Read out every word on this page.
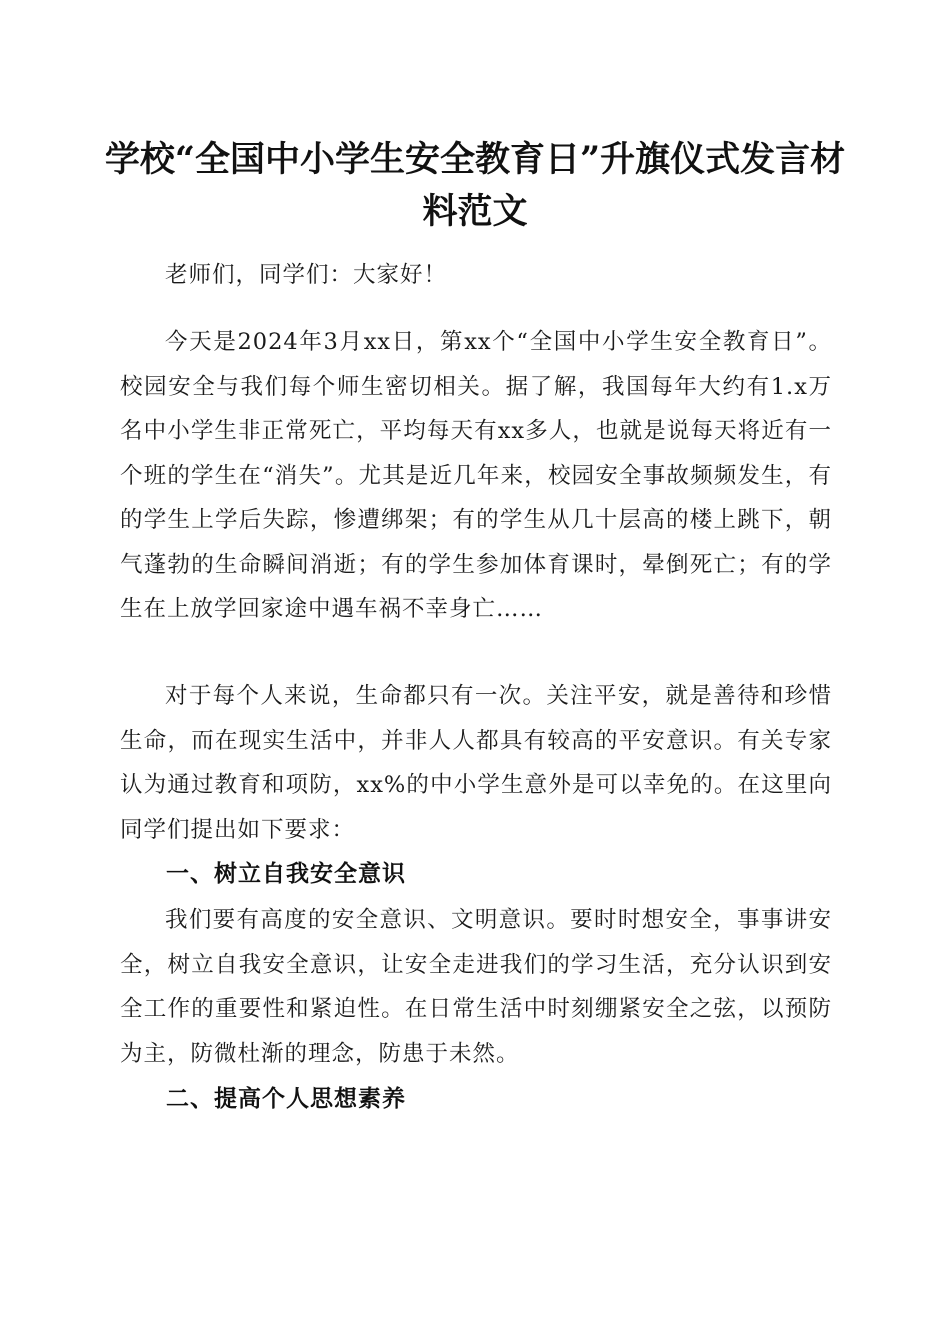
学校“全国中小学生安全教育日”升旗仪式发言材料范文

老师们，同学们：大家好！

今天是2024年3月xx日，第xx个“全国中小学生安全教育日”。校园安全与我们每个师生密切相关。据了解，我国每年大约有1.x万名中小学生非正常死亡，平均每天有xx多人，也就是说每天将近有一个班的学生在“消失”。尤其是近几年来，校园安全事故频频发生，有的学生上学后失踪，惨遭绑架；有的学生从几十层高的楼上跳下，朝气蓬勃的生命瞬间消逝；有的学生参加体育课时，晕倒死亡；有的学生在上放学回家途中遇车祸不幸身亡……

对于每个人来说，生命都只有一次。关注平安，就是善待和珍惜生命，而在现实生活中，并非人人都具有较高的平安意识。有关专家认为通过教育和项防，xx%的中小学生意外是可以幸免的。在这里向同学们提出如下要求：

一、树立自我安全意识

我们要有高度的安全意识、文明意识。要时时想安全，事事讲安全，树立自我安全意识，让安全走进我们的学习生活，充分认识到安全工作的重要性和紧迫性。在日常生活中时刻绷紧安全之弦，以预防为主，防微杜渐的理念，防患于未然。

二、提高个人思想素养
